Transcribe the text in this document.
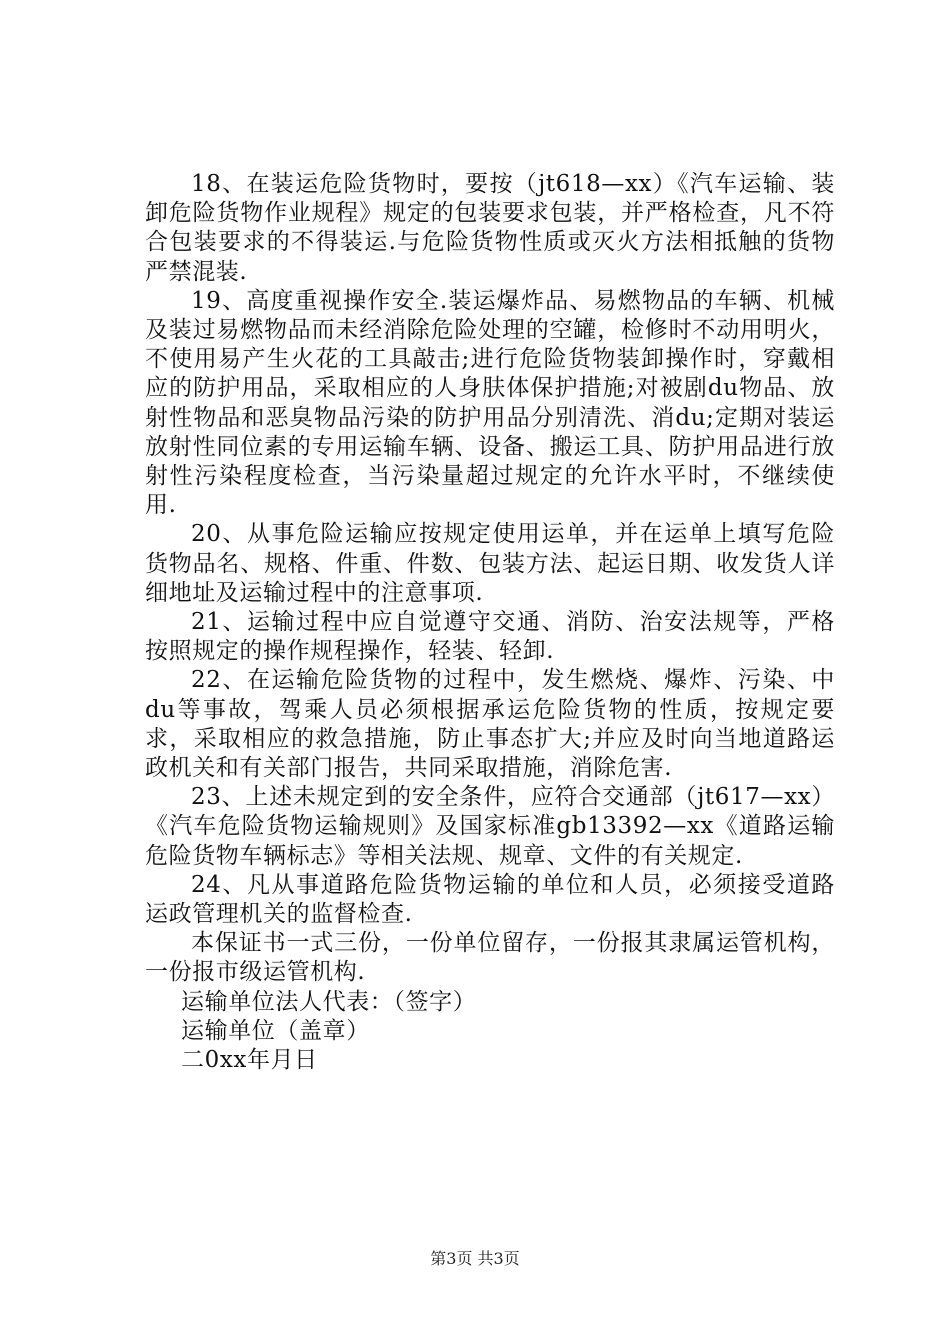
18、在装运危险货物时，要按（jt618—xx）《汽车运输、装卸危险货物作业规程》规定的包装要求包装，并严格检查，凡不符合包装要求的不得装运.与危险货物性质或灭火方法相抵触的货物严禁混装.

19、高度重视操作安全.装运爆炸品、易燃物品的车辆、机械及装过易燃物品而未经消除危险处理的空罐，检修时不动用明火，不使用易产生火花的工具敲击;进行危险货物装卸操作时，穿戴相应的防护用品，采取相应的人身肤体保护措施;对被剧du物品、放射性物品和恶臭物品污染的防护用品分别清洗、消du;定期对装运放射性同位素的专用运输车辆、设备、搬运工具、防护用品进行放射性污染程度检查，当污染量超过规定的允许水平时，不继续使用.

20、从事危险运输应按规定使用运单，并在运单上填写危险货物品名、规格、件重、件数、包装方法、起运日期、收发货人详细地址及运输过程中的注意事项.

21、运输过程中应自觉遵守交通、消防、治安法规等，严格按照规定的操作规程操作，轻装、轻卸.

22、在运输危险货物的过程中，发生燃烧、爆炸、污染、中du等事故，驾乘人员必须根据承运危险货物的性质，按规定要求，采取相应的救急措施，防止事态扩大;并应及时向当地道路运政机关和有关部门报告，共同采取措施，消除危害.

23、上述未规定到的安全条件，应符合交通部（jt617—xx）《汽车危险货物运输规则》及国家标准gb13392—xx《道路运输危险货物车辆标志》等相关法规、规章、文件的有关规定.

24、凡从事道路危险货物运输的单位和人员，必须接受道路运政管理机关的监督检查.

本保证书一式三份，一份单位留存，一份报其隶属运管机构，一份报市级运管机构.

运输单位法人代表：（签字）

运输单位（盖章）

二0xx年月日

第3页 共3页
